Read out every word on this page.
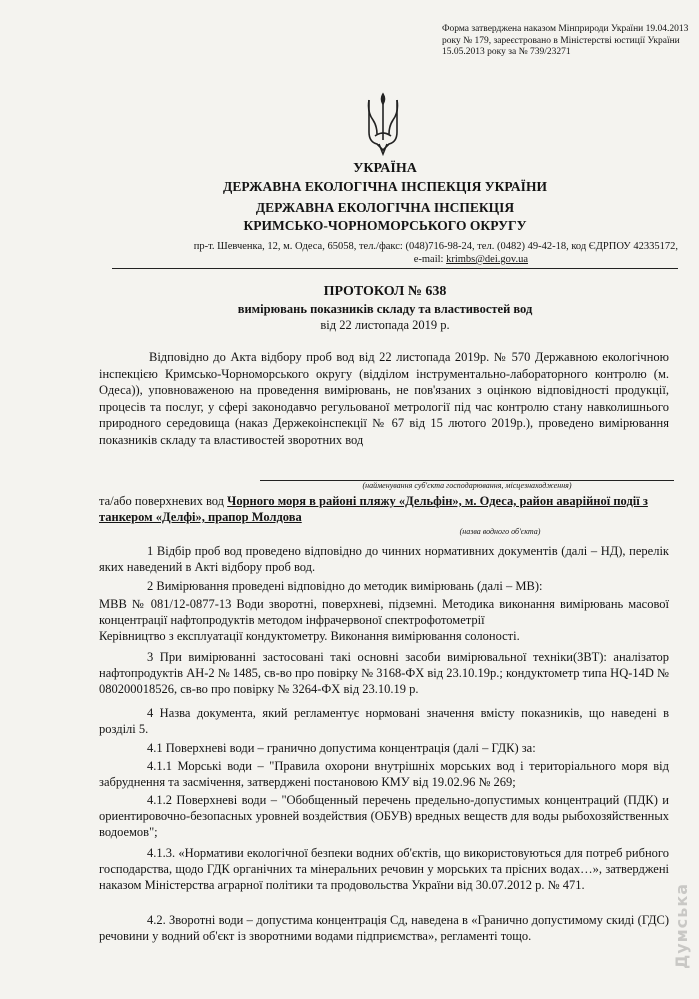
Форма затверджена наказом Мінприроди України 19.04.2013 року № 179, зареєстровано в Міністерстві юстиції України 15.05.2013 року за № 739/23271
УКРАЇНА
ДЕРЖАВНА ЕКОЛОГІЧНА ІНСПЕКЦІЯ УКРАЇНИ
ДЕРЖАВНА ЕКОЛОГІЧНА ІНСПЕКЦІЯ
КРИМСЬКО-ЧОРНОМОРСЬКОГО ОКРУГУ
пр-т. Шевченка, 12, м. Одеса, 65058, тел./факс: (048)716-98-24, тел. (0482) 49-42-18, код ЄДРПОУ 42335172,
e-mail: krimbs@dei.gov.ua
ПРОТОКОЛ № 638
вимірювань показників складу та властивостей вод
від 22 листопада 2019 р.
Відповідно до Акта відбору проб вод від 22 листопада 2019р. № 570 Державною екологічною інспекцією Кримсько-Чорноморського округу (відділом інструментально-лабораторного контролю (м. Одеса)), уповноваженою на проведення вимірювань, не пов'язаних з оцінкою відповідності продукції, процесів та послуг, у сфері законодавчо регульованої метрології під час контролю стану навколишнього природного середовища (наказ Держекоінспекції № 67 від 15 лютого 2019р.), проведено вимірювання показників складу та властивостей зворотних вод
(найменування суб'єкта господарювання, місцезнаходження)
та/або поверхневих вод Чорного моря в районі пляжу «Дельфін», м. Одеса, район аварійної події з танкером «Делфі», прапор Молдова
(назва водного об'єкта)
1 Відбір проб вод проведено відповідно до чинних нормативних документів (далі – НД), перелік яких наведений в Акті відбору проб вод.
2 Вимірювання проведені відповідно до методик вимірювань (далі – МВ):
МВВ № 081/12-0877-13 Води зворотні, поверхневі, підземні. Методика виконання вимірювань масової концентрації нафтопродуктів методом інфрачервоної спектрофотометрії
Керівництво з експлуатації кондуктометру. Виконання вимірювання солоності.
3 При вимірюванні застосовані такі основні засоби вимірювальної техніки(ЗВТ): аналізатор нафтопродуктів АН-2 № 1485, св-во про повірку № 3168-ФХ від 23.10.19р.; кондуктометр типа НQ-14D № 080200018526, св-во про повірку № 3264-ФХ від 23.10.19 р.
4 Назва документа, який регламентує нормовані значення вмісту показників, що наведені в розділі 5.
4.1 Поверхневі води – гранично допустима концентрація (далі – ГДК) за:
4.1.1 Морські води – "Правила охорони внутрішніх морських вод і територіального моря від забруднення та засмічення, затверджені постановою КМУ від 19.02.96 № 269;
4.1.2 Поверхневі води – "Обобщенный перечень предельно-допустимых концентраций (ПДК) и ориентировочно-безопасных уровней воздействия (ОБУВ) вредных веществ для воды рыбохозяйственных водоемов";
4.1.3. «Нормативи екологічної безпеки водних об'єктів, що використовуються для потреб рибного господарства, щодо ГДК органічних та мінеральних речовин у морських та прісних водах…», затверджені наказом Міністерства аграрної політики та продовольства України від 30.07.2012 р. № 471.
4.2. Зворотні води – допустима концентрація Сд, наведена в «Гранично допустимому скиді (ГДС) речовини у водний об'єкт із зворотними водами підприємства», регламенті тощо.	Думська
